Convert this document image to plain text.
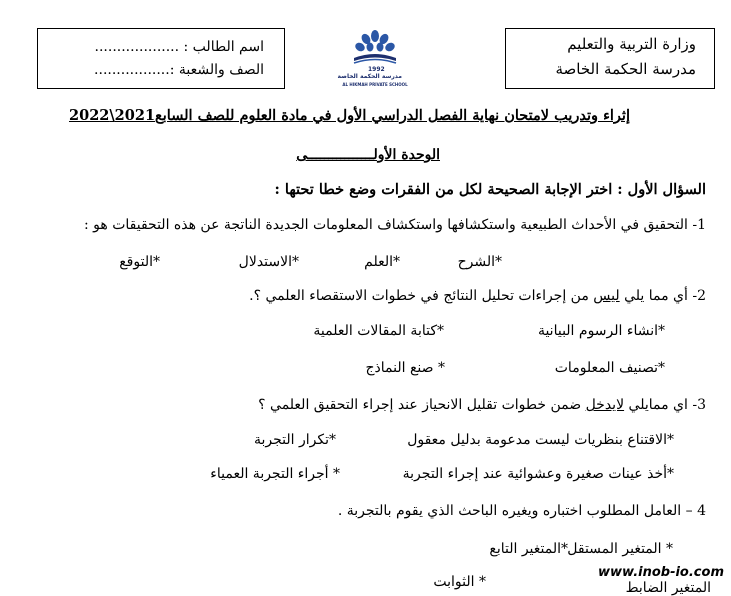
وزارة التربية والتعليم
مدرسة الحكمة الخاصة
اسم الطالب : ...................
الصف والشعبة :.................	1992
مدرسة الحكمة الخاصة
AL HIKMAH PRIVATE SCHOOL
إثراء وتدريب لامتحان نهاية الفصل الدراسي الأول في مادة العلوم للصف السابع2021\2022
الوحدة الأولــــــــــــــــى
السؤال الأول : اختر الإجابة الصحيحة لكل من الفقرات وضع خطا تحتها :
1- التحقيق في الأحداث الطبيعية واستكشافها واستكشاف المعلومات الجديدة الناتجة عن هذه التحقيقات هو :
*التوقع	*الاستدلال	*العلم	*الشرح
2- أي مما يلي ليس من إجراءات تحليل النتائج في خطوات الاستقصاء العلمي ؟.
*انشاء الرسوم البيانية
*كتابة المقالات العلمية
*تصنيف المعلومات
* صنع النماذج
3- اي ممايلي لايدخل ضمن خطوات تقليل الانحياز عند إجراء التحقيق العلمي ؟
*الاقتناع بنظريات ليست مدعومة بدليل معقول
*تكرار التجربة
*أخذ عينات صغيرة وعشوائية عند إجراء التجربة
* أجراء التجربة العمياء
4 – العامل المطلوب اختباره ويغيره الباحث الذي يقوم بالتجربة .
* المتغير المستقل
*المتغير التابع
* الثوابت	المتغير الضابط
www.inob-io.com
